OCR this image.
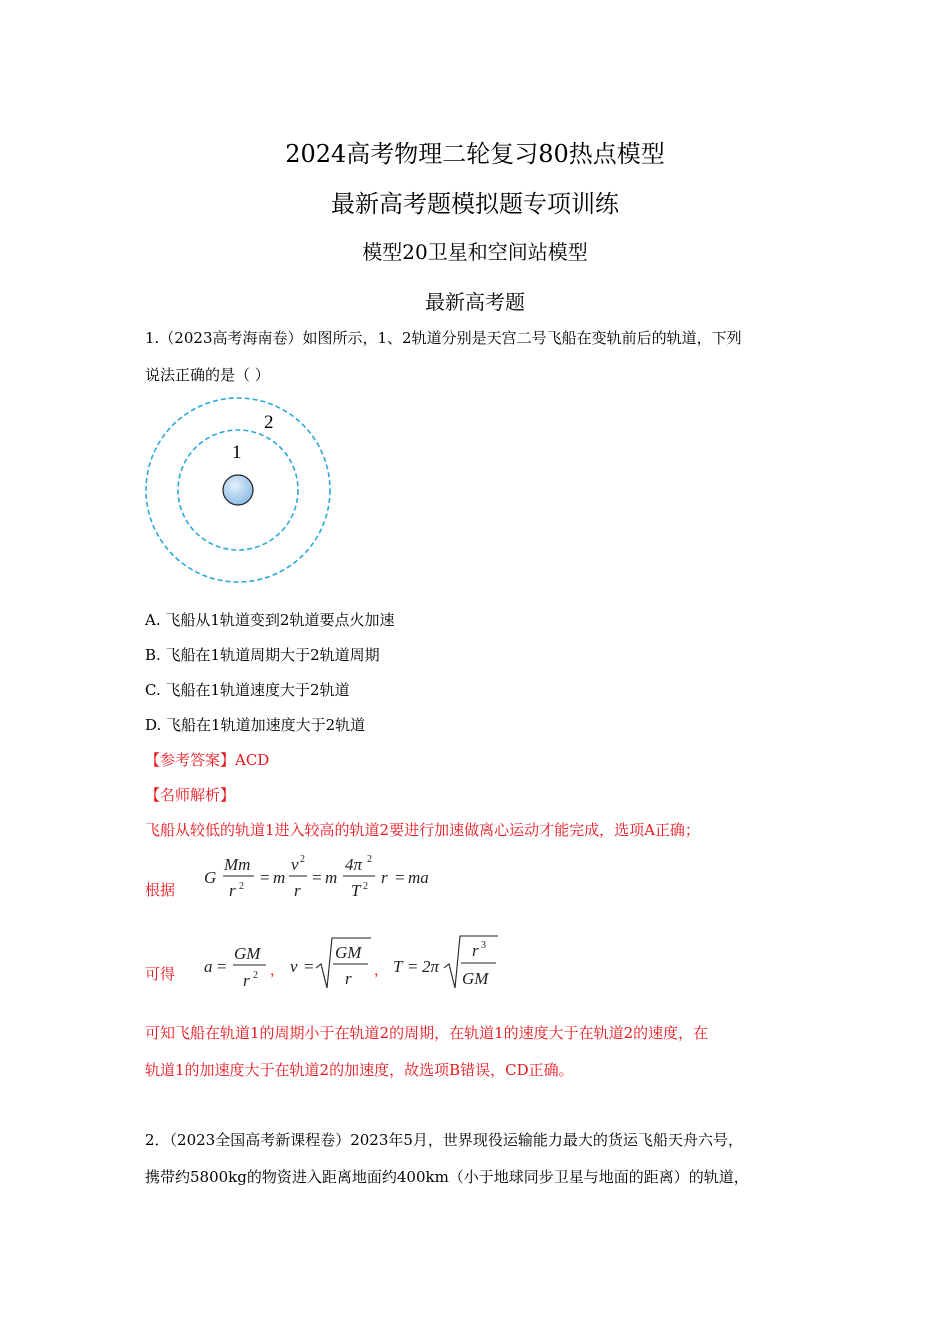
2024高考物理二轮复习80热点模型
最新高考题模拟题专项训练
模型20卫星和空间站模型
最新高考题
1.（2023高考海南卷）如图所示，1、2轨道分别是天宫二号飞船在变轨前后的轨道，下列
说法正确的是（ ）
1
2
A. 飞船从1轨道变到2轨道要点火加速
B. 飞船在1轨道周期大于2轨道周期
C. 飞船在1轨道速度大于2轨道
D. 飞船在1轨道加速度大于2轨道
【参考答案】ACD
【名师解析】
飞船从较低的轨道1进入较高的轨道2要进行加速做离心运动才能完成，选项A正确；
根据
G
Mm
r 2 = m
v 2
r
= m
4π 2
T 2 r = ma
可得 a =
GM
r 2 ， v =
GM
r ， T = 2π
r 3
GM
可知飞船在轨道1的周期小于在轨道2的周期，在轨道1的速度大于在轨道2的速度，在
轨道1的加速度大于在轨道2的加速度，故选项B错误，CD正确。
2．（2023全国高考新课程卷）2023年5月，世界现役运输能力最大的货运飞船天舟六号，
携带约5800kg的物资进入距离地面约400km（小于地球同步卫星与地面的距离）的轨道，
